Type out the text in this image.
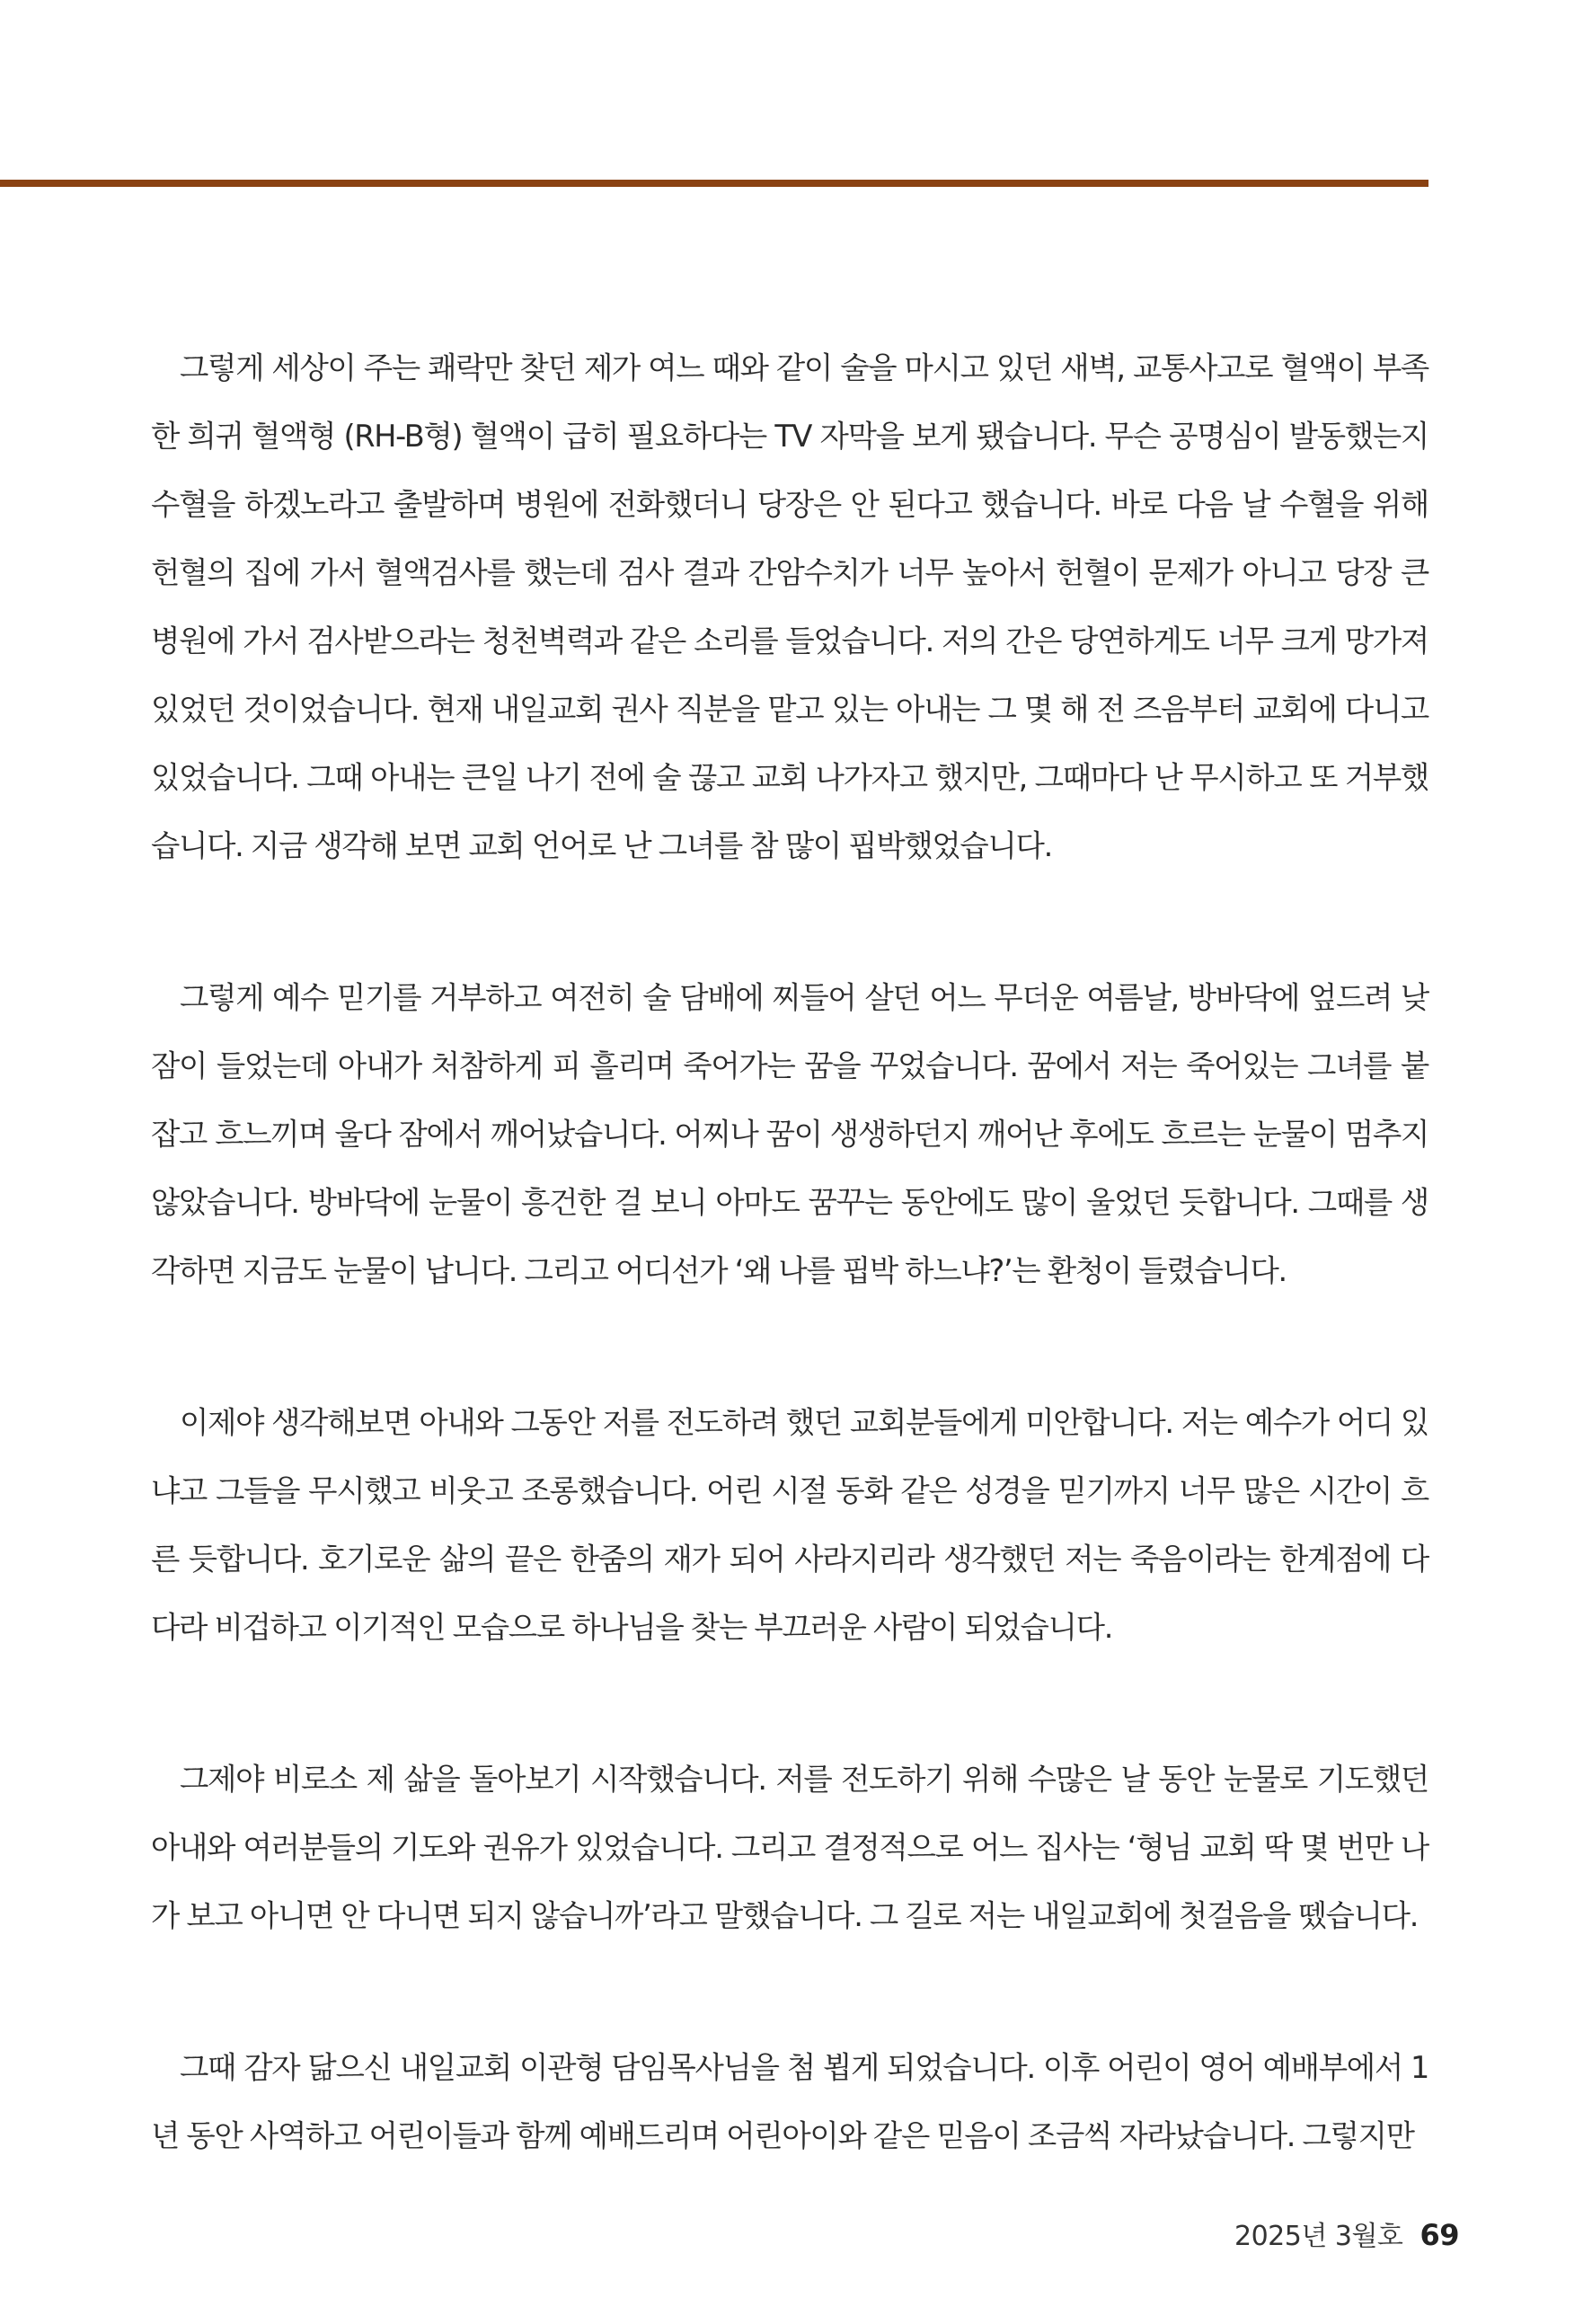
그렇게 세상이 주는 쾌락만 찾던 제가 여느 때와 같이 술을 마시고 있던 새벽, 교통사고로 혈액이 부족한 희귀 혈액형 (RH-B형) 혈액이 급히 필요하다는 TV 자막을 보게 됐습니다. 무슨 공명심이 발동했는지 수혈을 하겠노라고 출발하며 병원에 전화했더니 당장은 안 된다고 했습니다. 바로 다음 날 수혈을 위해 헌혈의 집에 가서 혈액검사를 했는데 검사 결과 간암수치가 너무 높아서 헌혈이 문제가 아니고 당장 큰 병원에 가서 검사받으라는 청천벽력과 같은 소리를 들었습니다. 저의 간은 당연하게도 너무 크게 망가져 있었던 것이었습니다. 현재 내일교회 권사 직분을 맡고 있는 아내는 그 몇 해 전 즈음부터 교회에 다니고 있었습니다. 그때 아내는 큰일 나기 전에 술 끊고 교회 나가자고 했지만, 그때마다 난 무시하고 또 거부했습니다. 지금 생각해 보면 교회 언어로 난 그녀를 참 많이 핍박했었습니다.

그렇게 예수 믿기를 거부하고 여전히 술 담배에 찌들어 살던 어느 무더운 여름날, 방바닥에 엎드려 낮잠이 들었는데 아내가 처참하게 피 흘리며 죽어가는 꿈을 꾸었습니다. 꿈에서 저는 죽어있는 그녀를 붙잡고 흐느끼며 울다 잠에서 깨어났습니다. 어찌나 꿈이 생생하던지 깨어난 후에도 흐르는 눈물이 멈추지 않았습니다. 방바닥에 눈물이 흥건한 걸 보니 아마도 꿈꾸는 동안에도 많이 울었던 듯합니다. 그때를 생각하면 지금도 눈물이 납니다. 그리고 어디선가 ‘왜 나를 핍박 하느냐?’는 환청이 들렸습니다.

이제야 생각해보면 아내와 그동안 저를 전도하려 했던 교회분들에게 미안합니다. 저는 예수가 어디 있냐고 그들을 무시했고 비웃고 조롱했습니다. 어린 시절 동화 같은 성경을 믿기까지 너무 많은 시간이 흐른 듯합니다. 호기로운 삶의 끝은 한줌의 재가 되어 사라지리라 생각했던 저는 죽음이라는 한계점에 다다라 비겁하고 이기적인 모습으로 하나님을 찾는 부끄러운 사람이 되었습니다.

그제야 비로소 제 삶을 돌아보기 시작했습니다. 저를 전도하기 위해 수많은 날 동안 눈물로 기도했던 아내와 여러분들의 기도와 권유가 있었습니다. 그리고 결정적으로 어느 집사는 ‘형님 교회 딱 몇 번만 나가 보고 아니면 안 다니면 되지 않습니까’라고 말했습니다. 그 길로 저는 내일교회에 첫걸음을 뗐습니다.

그때 감자 닮으신 내일교회 이관형 담임목사님을 첨 뵙게 되었습니다. 이후 어린이 영어 예배부에서 1년 동안 사역하고 어린이들과 함께 예배드리며 어린아이와 같은 믿음이 조금씩 자라났습니다. 그렇지만

2025년 3월호 69
